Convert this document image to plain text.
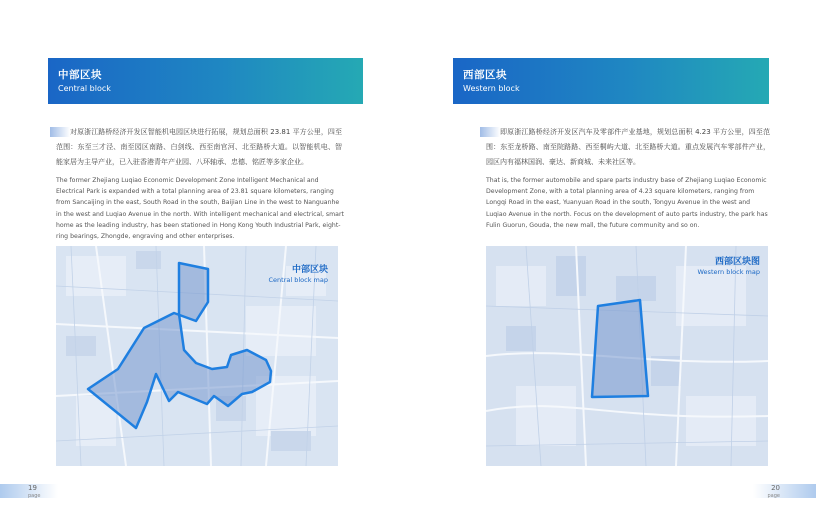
中部区块
Central block
对原浙江路桥经济开发区智能机电园区块进行拓展，规划总面积 23.81 平方公里，四至范围：东至三才泾、南至园区南路、白剑线、西至南官河、北至路桥大道。以智能机电、智能家居为主导产业，已入驻香港青年产业园、八环轴承、忠德、铭匠等多家企业。
The former Zhejiang Luqiao Economic Development Zone Intelligent Mechanical and Electrical Park is expanded with a total planning area of 23.81 square kilometers, ranging from Sancaijing in the east, South Road in the south, Baijian Line in the west to Nanguanhe in the west and Luqiao Avenue in the north. With intelligent mechanical and electrical, smart home as the leading industry, has been stationed in Hong Kong Youth Industrial Park, eight-ring bearings, Zhongde, engraving and other enterprises.
中部区块
Central block map
19
page
西部区块
Western block
即原浙江路桥经济开发区汽车及零部件产业基地，规划总面积 4.23 平方公里，四至范围：东至龙桥路、南至院路路、西至桐屿大道、北至路桥大道。重点发展汽车零部件产业，园区内有福林国润、豪达、新商城、未来社区等。
That is, the former automobile and spare parts industry base of Zhejiang Luqiao Economic Development Zone, with a total planning area of 4.23 square kilometers, ranging from Longqi Road in the east, Yuanyuan Road in the south, Tongyu Avenue in the west and Luqiao Avenue in the north. Focus on the development of auto parts industry, the park has Fulin Guorun, Gouda, the new mall, the future community and so on.
西部区块图
Western block map
20
page
